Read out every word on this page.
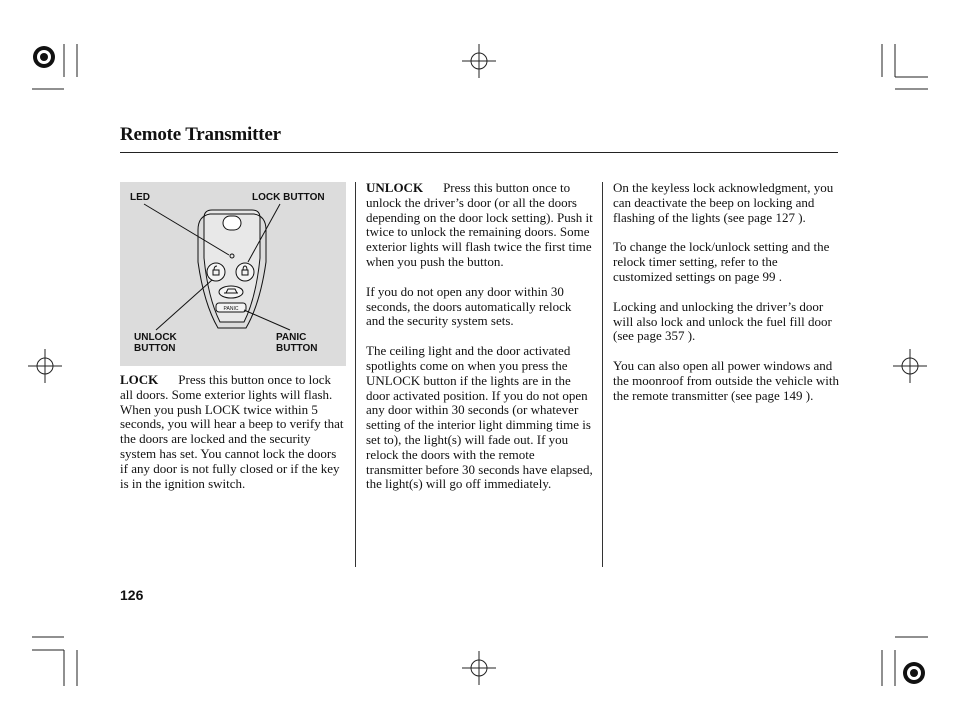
Remote Transmitter
LED	LOCK BUTTON
UNLOCK
BUTTON
PANIC
BUTTON
PANIC

LOCK Press this button once to lock all doors. Some exterior lights will flash. When you push LOCK twice within 5 seconds, you will hear a beep to verify that the doors are locked and the security system has set. You cannot lock the doors if any door is not fully closed or if the key is in the ignition switch.

UNLOCK Press this button once to unlock the driver’s door (or all the doors depending on the door lock setting). Push it twice to unlock the remaining doors. Some exterior lights will flash twice the first time when you push the button.

If you do not open any door within 30 seconds, the doors automatically relock and the security system sets.

The ceiling light and the door activated spotlights come on when you press the UNLOCK button if the lights are in the door activated position. If you do not open any door within 30 seconds (or whatever setting of the interior light dimming time is set to), the light(s) will fade out. If you relock the doors with the remote transmitter before 30 seconds have elapsed, the light(s) will go off immediately.

On the keyless lock acknowledgment, you can deactivate the beep on locking and flashing of the lights (see page 127 ).

To change the lock/unlock setting and the relock timer setting, refer to the customized settings on page 99 .

Locking and unlocking the driver’s door will also lock and unlock the fuel fill door (see page 357 ).

You can also open all power windows and the moonroof from outside the vehicle with the remote transmitter (see page 149 ).

126
